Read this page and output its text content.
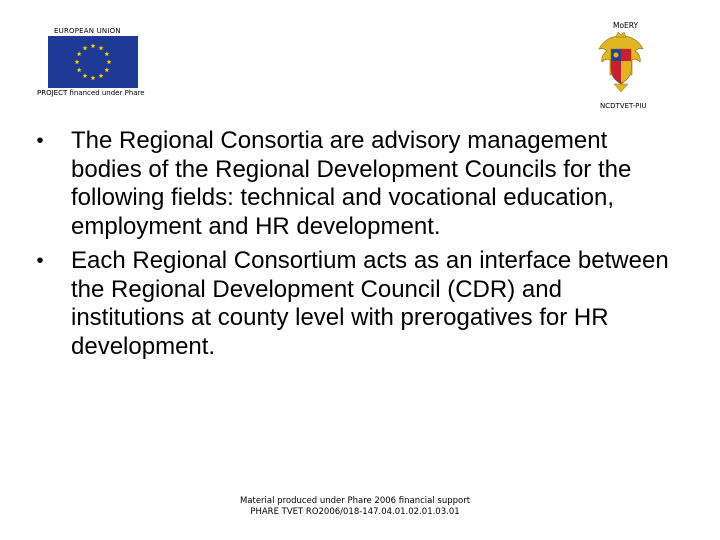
EUROPEAN UNION
PROJECT financed under Phare
MoERY
NCDTVET-PIU
• The Regional Consortia are advisory management bodies of the Regional Development Councils for the following fields: technical and vocational education, employment and HR development.
• Each Regional Consortium acts as an interface between the Regional Development Council (CDR) and institutions at county level with prerogatives for HR development.
Material produced under Phare 2006 financial support
PHARE TVET RO2006/018-147.04.01.02.01.03.01
